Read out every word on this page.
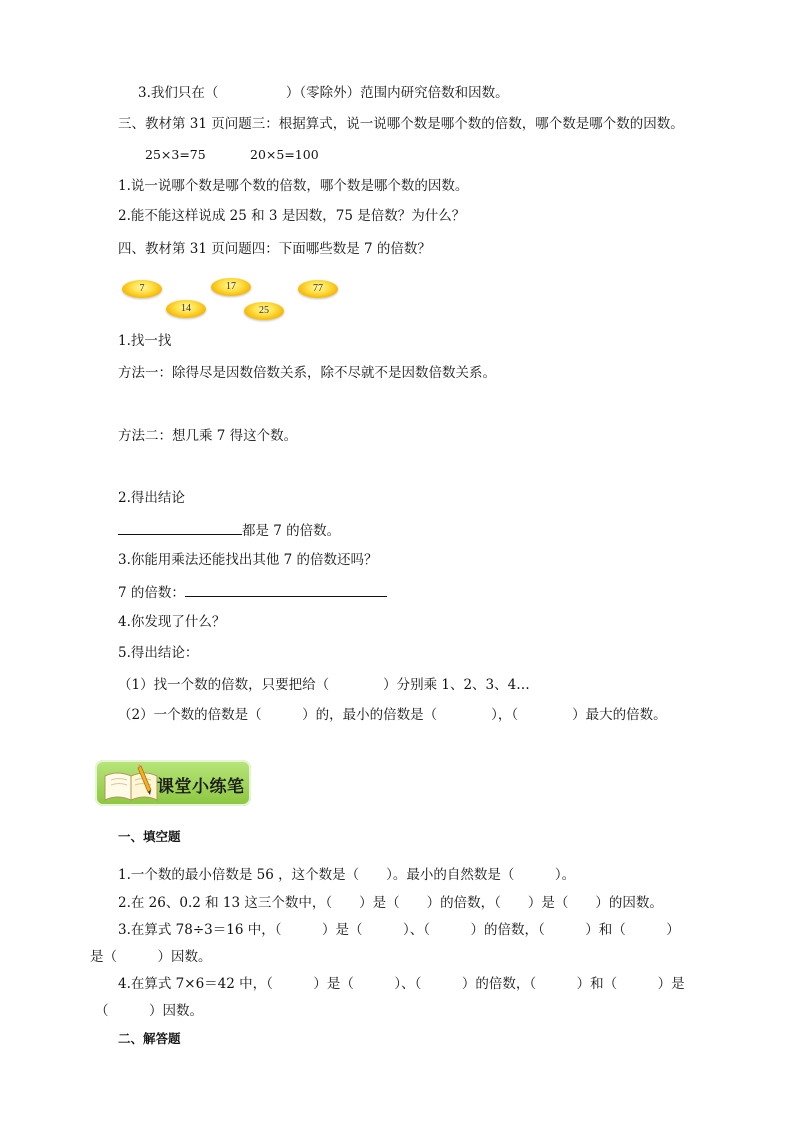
3.我们只在（　　　　　）（零除外）范围内研究倍数和因数。
三、教材第 31 页问题三：根据算式，说一说哪个数是哪个数的倍数，哪个数是哪个数的因数。
25×3=75	20×5=100
1.说一说哪个数是哪个数的倍数，哪个数是哪个数的因数。
2.能不能这样说成 25 和 3 是因数，75 是倍数？为什么？
四、教材第 31 页问题四：下面哪些数是 7 的倍数？
7	17	77
14	25
1.找一找
方法一：除得尽是因数倍数关系，除不尽就不是因数倍数关系。
方法二：想几乘 7 得这个数。
2.得出结论
都是 7 的倍数。
3.你能用乘法还能找出其他 7 的倍数还吗？
7 的倍数：
4.你发现了什么？
5.得出结论：
（1）找一个数的倍数，只要把给（　　　　）分别乘 1、2、3、4…
（2）一个数的倍数是（　　　）的，最小的倍数是（　　　　），（　　　　）最大的倍数。
课堂小练笔
一、填空题
1.一个数的最小倍数是 56 ，这个数是（　　）。最小的自然数是（　　　）。
2.在 26、0.2 和 13 这三个数中，（　　）是（　　）的倍数，（　　）是（　　）的因数。
3.在算式 78÷3＝16 中，（　　　）是（　　　）、（　　　）的倍数，（　　　）和（　　　）
是（　　　）因数。
4.在算式 7×6＝42 中，（　　　）是（　　　）、（　　　）的倍数，（　　　）和（　　　）是
（　　　）因数。
二、解答题
